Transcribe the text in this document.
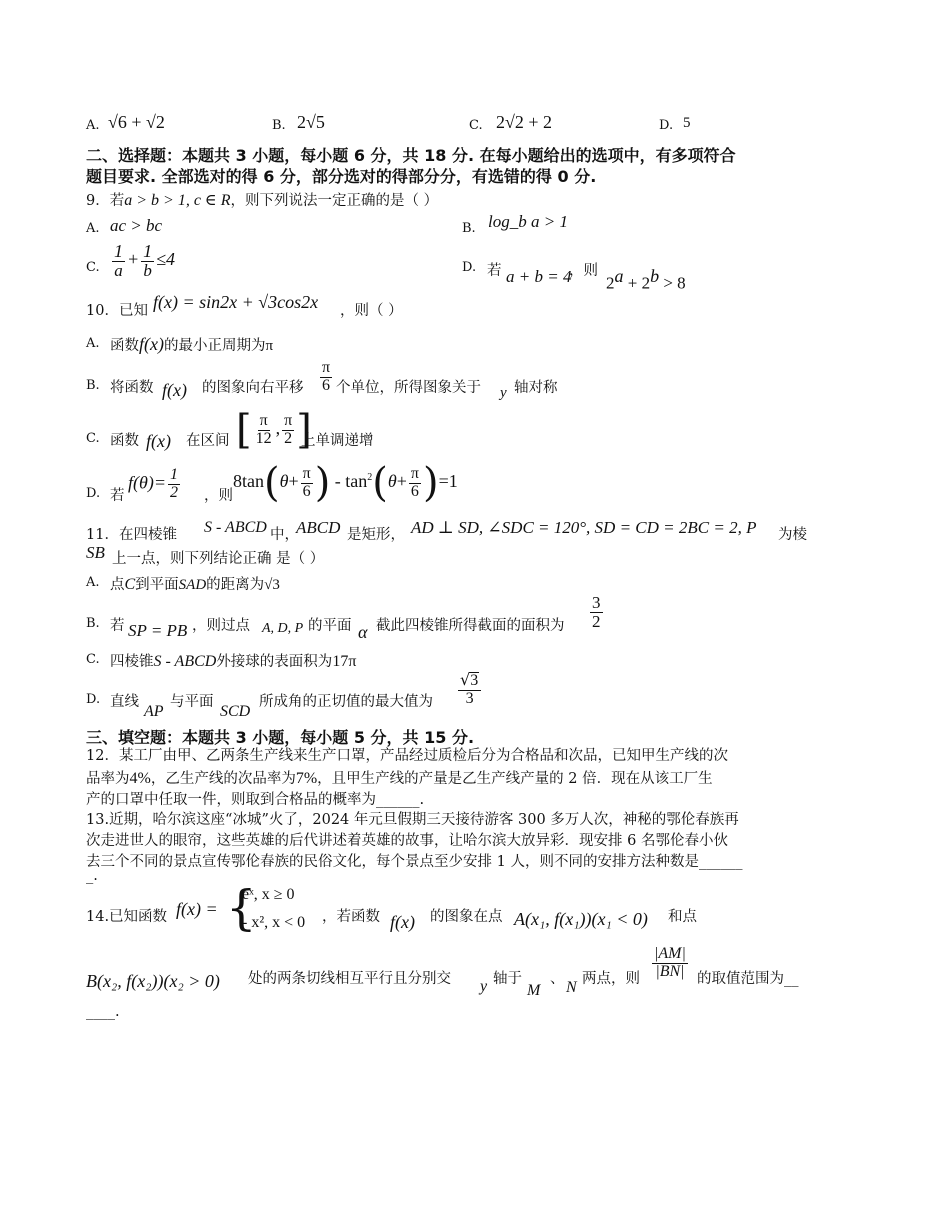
A. √6 + √2	B. 2√5	C. 2√2 + 2	D. 5
二、选择题：本题共 3 小题，每小题 6 分，共 18 分. 在每小题给出的选项中，有多项符合
题目要求. 全部选对的得 6 分，部分选对的得部分分，有选错的得 0 分.
9．若a > b > 1, c ∈ R，则下列说法一定正确的是（ ）
A. ac > bc	B. log_b a > 1
C. $\frac{1}{a} + \frac{1}{b} \le 4$	D. 若 a + b = 4
，则
$2^a + 2^b > 8$
10．已知 f(x) = sin2x + √3cos2x ，则（ ）
A. 函数f(x)的最小正周期为π
B. 将函数 f(x) 的图象向右平移 $\frac{\pi}{6}$ 个单位，所得图象关于 y 轴对称
C. 函数 f(x) 在区间 [ $\frac{\pi}{12}$ , $\frac{\pi}{2}$ ]
上单调递增
D. 若
$f(\theta)= \frac{1}{2}$ ，则
$8\tan(\theta+ \frac{\pi}{6}$ ) - $\tan^2(\theta+ \frac{\pi}{6} )=1$
11．在四棱锥 S - ABCD 中，
ABCD 是矩形， AD ⊥ SD, ∠SDC = 120°, SD = CD = 2BC = 2, P 为棱
SB 上一点，则下列结论正确 是（ ）
A. 点C到平面SAD的距离为√3
B. 若 SP = PB ，则过点 A, D, P 的平面 α 截此四棱锥所得截面的面积为 $\frac{3}{2}$
C. 四棱锥S - ABCD外接球的表面积为17π
D. 直线
AP
与平面
SCD
所成角的正切值的最大值为 $\frac{√3}{3}$
三、填空题：本题共 3 小题，每小题 5 分，共 15 分.
12．某工厂由甲、乙两条生产线来生产口罩，产品经过质检后分为合格品和次品，已知甲生产线的次
品率为4%，乙生产线的次品率为7%，且甲生产线的产量是乙生产线产量的 2 倍．现在从该工厂生
产的口罩中任取一件，则取到合格品的概率为______.
13.近期，哈尔滨这座“冰城”火了，2024 年元旦假期三天接待游客 300 多万人次，神秘的鄂伦春族再
次走进世人的眼帘，这些英雄的后代讲述着英雄的故事，让哈尔滨大放异彩．现安排 6 名鄂伦春小伙
去三个不同的景点宣传鄂伦春族的民俗文化，每个景点至少安排 1 人，则不同的安排方法种数是______
_.
14.已知函数 f(x) = {
eˣ, x ≥ 0
- x², x < 0 ，若函数 f(x) 的图象在点 A(x₁, f(x₁))(x₁ < 0) 和点
B(x₂, f(x₂))(x₂ > 0) 处的两条切线相互平行且分别交 y 轴于
M
、 N 两点，则 $\frac{|AM|}{|BN|}$ 的取值范围为__
____.
